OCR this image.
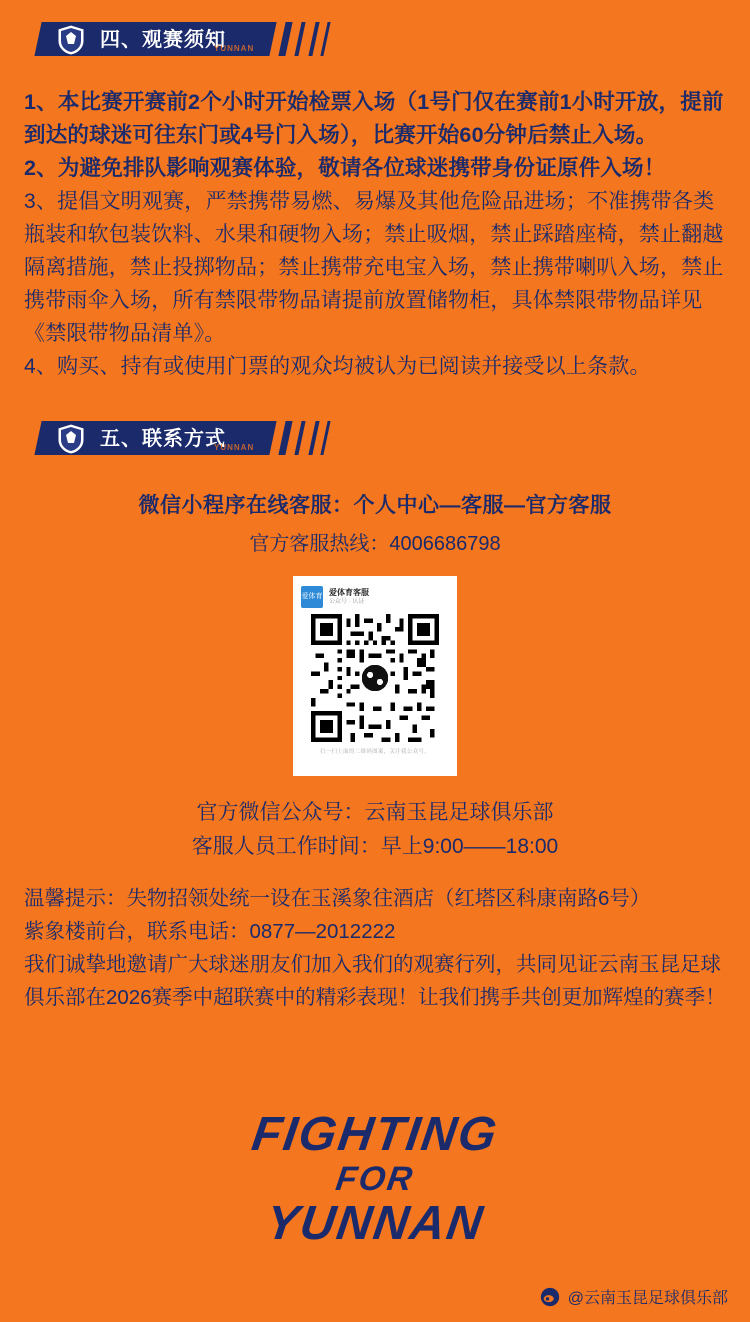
四、观赛须知
YUNNAN

1、本比赛开赛前2个小时开始检票入场（1号门仅在赛前1小时开放，提前到达的球迷可往东门或4号门入场），比赛开始60分钟后禁止入场。

2、为避免排队影响观赛体验，敬请各位球迷携带身份证原件入场！

3、提倡文明观赛，严禁携带易燃、易爆及其他危险品进场；不准携带各类瓶装和软包装饮料、水果和硬物入场；禁止吸烟，禁止踩踏座椅，禁止翻越隔离措施，禁止投掷物品；禁止携带充电宝入场，禁止携带喇叭入场，禁止携带雨伞入场，所有禁限带物品请提前放置储物柜，具体禁限带物品详见《禁限带物品清单》。

4、购买、持有或使用门票的观众均被认为已阅读并接受以上条款。

五、联系方式
YUNNAN
微信小程序在线客服：个人中心—客服—官方客服
官方客服热线：4006686798
爱体育 爱体育客服
公众号 · 认证
扫一扫上面的二维码图案，关注我公众号。
官方微信公众号：云南玉昆足球俱乐部
客服人员工作时间：早上9:00——18:00

温馨提示：失物招领处统一设在玉溪象往酒店（红塔区科康南路6号）

紫象楼前台，联系电话：0877—2012222

我们诚挚地邀请广大球迷朋友们加入我们的观赛行列，共同见证云南玉昆足球俱乐部在2026赛季中超联赛中的精彩表现！让我们携手共创更加辉煌的赛季！

FIGHTING
FOR
YUNNAN
@云南玉昆足球俱乐部
